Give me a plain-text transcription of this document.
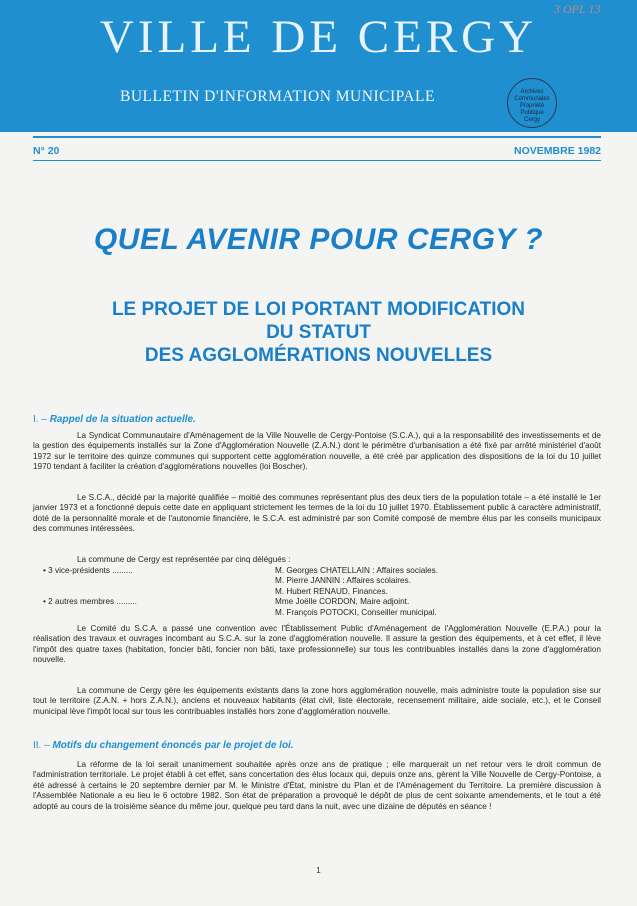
VILLE DE CERGY
BULLETIN D'INFORMATION MUNICIPALE	Archives
Communales
Propriété
Publique
Cergy
3 OPL 13
N° 20	NOVEMBRE 1982
QUEL AVENIR POUR CERGY ?
LE PROJET DE LOI PORTANT MODIFICATION
DU STATUT
DES AGGLOMÉRATIONS NOUVELLES
I. – Rappel de la situation actuelle.
La Syndicat Communautaire d'Aménagement de la Ville Nouvelle de Cergy-Pontoise (S.C.A.), qui a la responsabilité des investissements et de la gestion des équipements installés sur la Zone d'Agglomération Nouvelle (Z.A.N.) dont le périmètre d'urbanisation a été fixé par arrêté ministériel d'août 1972 sur le territoire des quinze communes qui supportent cette agglomération nouvelle, a été créé par application des dispositions de la loi du 10 juillet 1970 tendant à faciliter la création d'agglomérations nouvelles (loi Boscher).
Le S.C.A., décidé par la majorité qualifiée – moitié des communes représentant plus des deux tiers de la population totale – a été installé le 1er janvier 1973 et a fonctionné depuis cette date en appliquant strictement les termes de la loi du 10 juillet 1970. Établissement public à caractère administratif, doté de la personnalité morale et de l'autonomie financière, le S.C.A. est administré par son Comité composé de membre élus par les conseils municipaux des communes intéressées.
La commune de Cergy est représentée par cinq délégués :
• 3 vice-présidents .........	M. Georges CHATELLAIN : Affaires sociales.
M. Pierre JANNIN : Affaires scolaires.
M. Hubert RENAUD, Finances.
• 2 autres membres .........	Mme Joëlle CORDON, Maire adjoint.
M. François POTOCKI, Conseiller municipal.
Le Comité du S.C.A. a passé une convention avec l'Établissement Public d'Aménagement de l'Agglomération Nouvelle (E.P.A.) pour la réalisation des travaux et ouvrages incombant au S.C.A. sur la zone d'agglomération nouvelle. Il assure la gestion des équipements, et à cet effet, il lève l'impôt des quatre taxes (habitation, foncier bâti, foncier non bâti, taxe professionnelle) sur tous les contribuables installés dans la zone d'agglomération nouvelle.
La commune de Cergy gère les équipements existants dans la zone hors agglomération nouvelle, mais administre toute la population sise sur tout le territoire (Z.A.N. + hors Z.A.N.), anciens et nouveaux habitants (état civil, liste électorale, recensement militaire, aide sociale, etc.), et le Conseil municipal lève l'impôt local sur tous les contribuables installés hors zone d'agglomération nouvelle.
II. – Motifs du changement énoncés par le projet de loi.
La réforme de la loi serait unanimement souhaitée après onze ans de pratique ; elle marquerait un net retour vers le droit commun de l'administration territoriale. Le projet établi à cet effet, sans concertation des élus locaux qui, depuis onze ans, gèrent la Ville Nouvelle de Cergy-Pontoise, a été adressé à certains le 20 septembre dernier par M. le Ministre d'État, ministre du Plan et de l'Aménagement du Territoire. La première discussion à l'Assemblée Nationale a eu lieu le 6 octobre 1982. Son état de préparation a provoqué le dépôt de plus de cent soixante amendements, et le tout a été adopté au cours de la troisième séance du même jour, quelque peu tard dans la nuit, avec une dizaine de députés en séance !
1
